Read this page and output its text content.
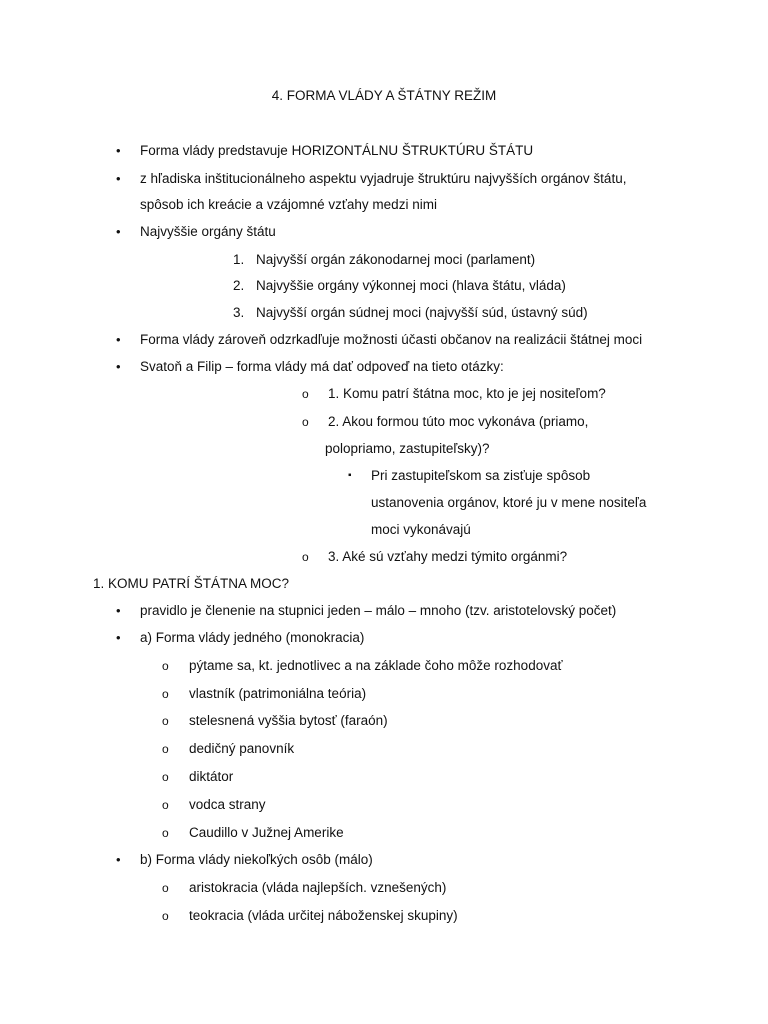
4. FORMA VLÁDY A ŠTÁTNY REŽIM
• Forma vlády predstavuje HORIZONTÁLNU ŠTRUKTÚRU ŠTÁTU
• z hľadiska inštitucionálneho aspektu vyjadruje štruktúru najvyšších orgánov štátu,
spôsob ich kreácie a vzájomné vzťahy medzi nimi
• Najvyššie orgány štátu
1. Najvyšší orgán zákonodarnej moci (parlament)
2. Najvyššie orgány výkonnej moci (hlava štátu, vláda)
3. Najvyšší orgán súdnej moci (najvyšší súd, ústavný súd)
• Forma vlády zároveň odzrkadľuje možnosti účasti občanov na realizácii štátnej moci
• Svatoň a Filip – forma vlády má dať odpoveď na tieto otázky:
o 1. Komu patrí štátna moc, kto je jej nositeľom?
o 2. Akou formou túto moc vykonáva (priamo,
polopriamo, zastupiteľsky)?
▪ Pri zastupiteľskom sa zisťuje spôsob
ustanovenia orgánov, ktoré ju v mene nositeľa
moci vykonávajú
o 3. Aké sú vzťahy medzi týmito orgánmi?
1. KOMU PATRÍ ŠTÁTNA MOC?
• pravidlo je členenie na stupnici jeden – málo – mnoho (tzv. aristotelovský počet)
• a) Forma vlády jedného (monokracia)
o pýtame sa, kt. jednotlivec a na základe čoho môže rozhodovať
o vlastník (patrimoniálna teória)
o stelesnená vyššia bytosť (faraón)
o dedičný panovník
o diktátor
o vodca strany
o Caudillo v Južnej Amerike
• b) Forma vlády niekoľkých osôb (málo)
o aristokracia (vláda najlepších. vznešených)
o teokracia (vláda určitej náboženskej skupiny)
